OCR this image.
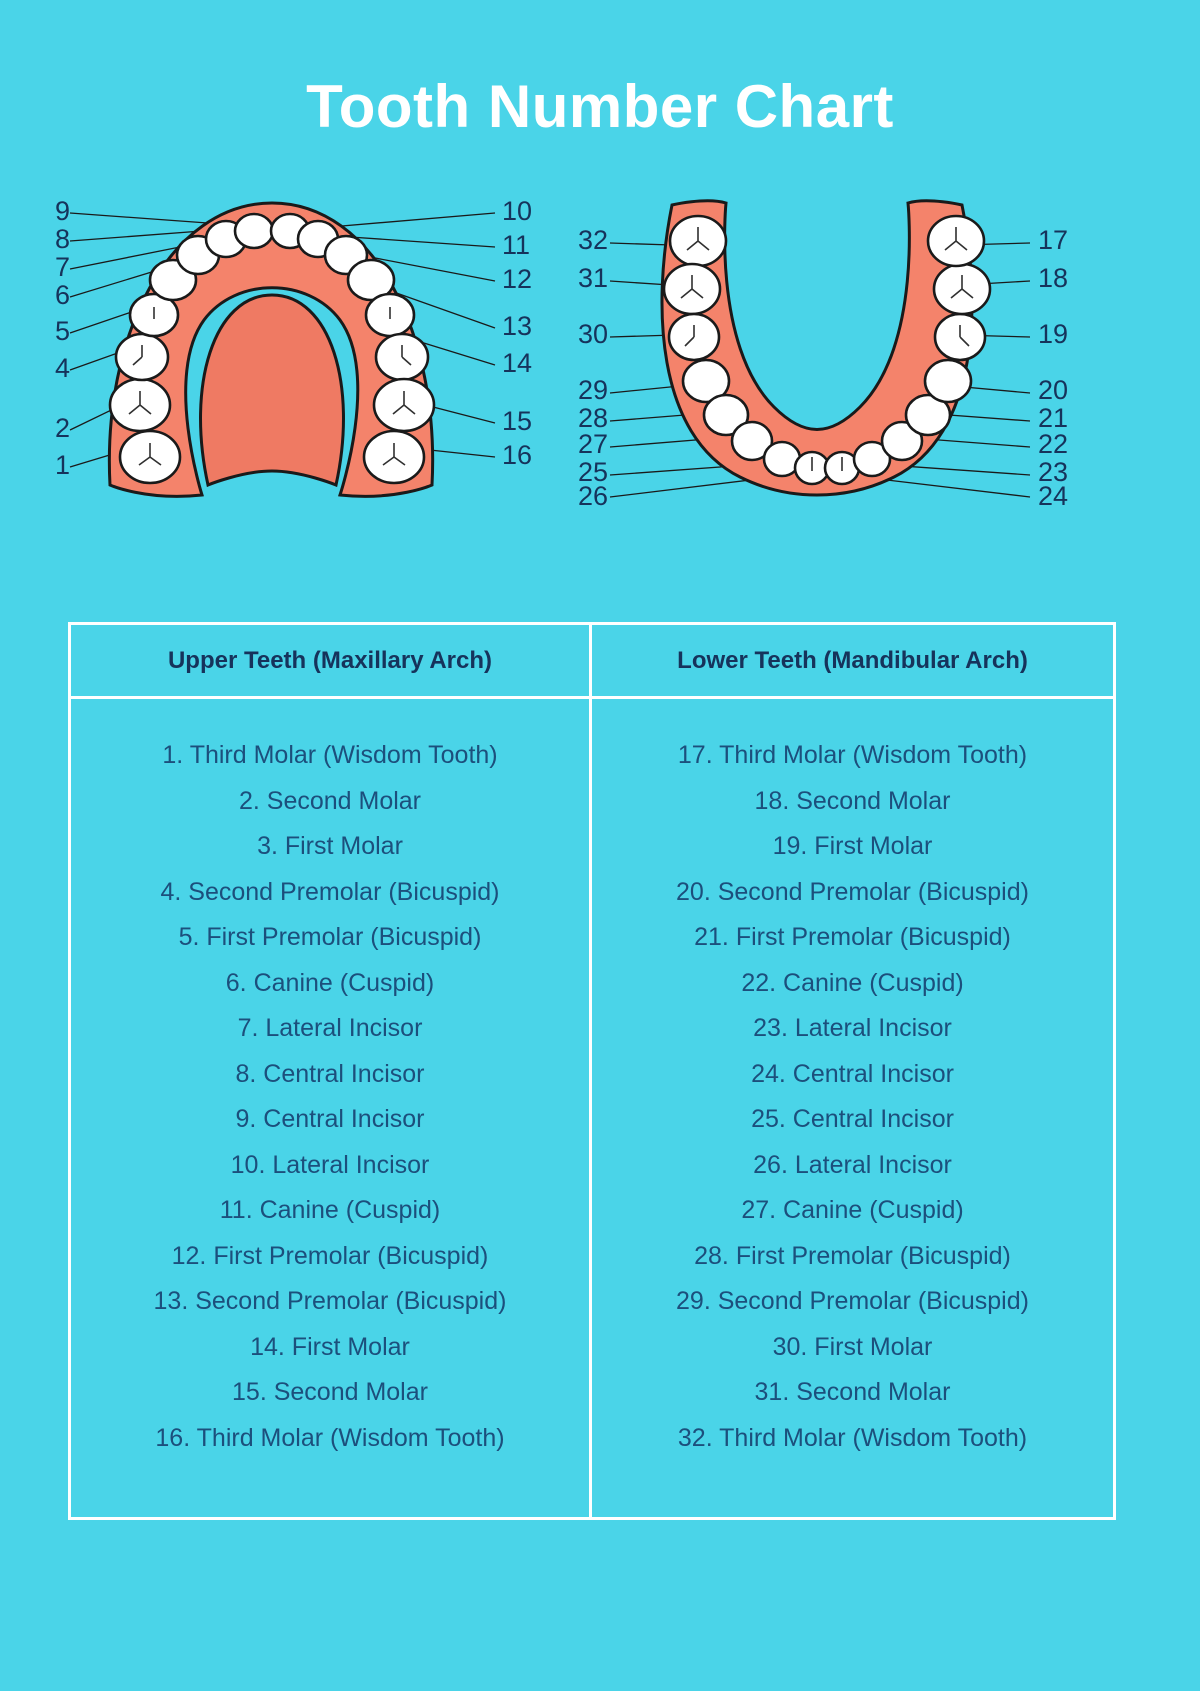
Tooth Number Chart
9
8
7
6
5
4
2
1
10
11
12
13
14
15
16
32
31
30
29
28
27
25
26
17
18
19
20
21
22
23
24
Upper Teeth (Maxillary Arch)
1. Third Molar (Wisdom Tooth)
2. Second Molar
3. First Molar
4. Second Premolar (Bicuspid)
5. First Premolar (Bicuspid)
6. Canine (Cuspid)
7. Lateral Incisor
8. Central Incisor
9. Central Incisor
10. Lateral Incisor
11. Canine (Cuspid)
12. First Premolar (Bicuspid)
13. Second Premolar (Bicuspid)
14. First Molar
15. Second Molar
16. Third Molar (Wisdom Tooth)
Lower Teeth (Mandibular Arch)
17. Third Molar (Wisdom Tooth)
18. Second Molar
19. First Molar
20. Second Premolar (Bicuspid)
21. First Premolar (Bicuspid)
22. Canine (Cuspid)
23. Lateral Incisor
24. Central Incisor
25. Central Incisor
26. Lateral Incisor
27. Canine (Cuspid)
28. First Premolar (Bicuspid)
29. Second Premolar (Bicuspid)
30. First Molar
31. Second Molar
32. Third Molar (Wisdom Tooth)
